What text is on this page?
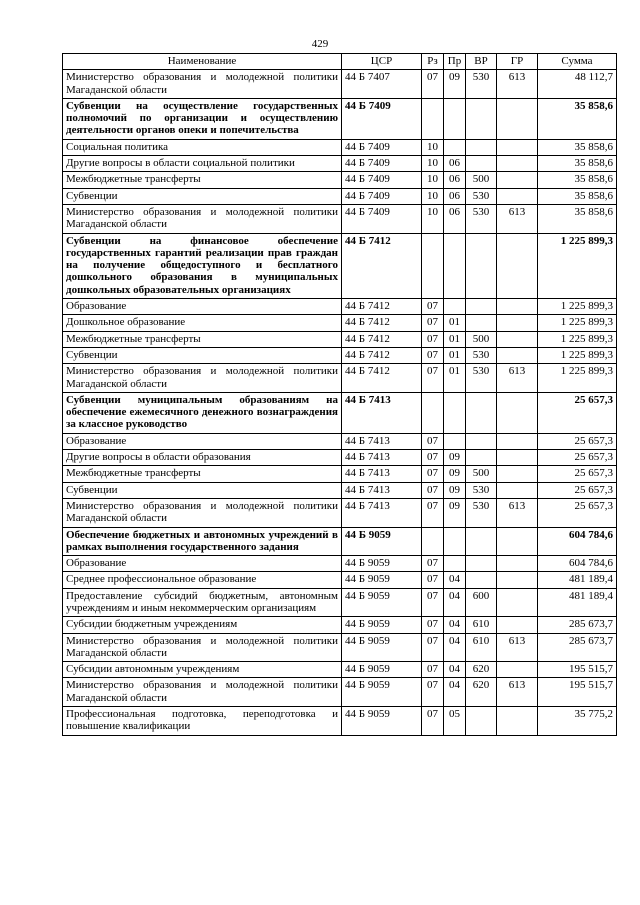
429
Наименование	ЦСР	Рз	Пр	ВР	ГР	Сумма
Министерство образования и молодежной политики Магаданской области	44 Б 7407	07	09	530	613	48 112,7
Субвенции на осуществление государственных полномочий по организации и осуществлению деятельности органов опеки и попечительства	44 Б 7409					35 858,6
Социальная политика	44 Б 7409	10				35 858,6
Другие вопросы в области социальной политики	44 Б 7409	10	06			35 858,6
Межбюджетные трансферты	44 Б 7409	10	06	500		35 858,6
Субвенции	44 Б 7409	10	06	530		35 858,6
Министерство образования и молодежной политики Магаданской области	44 Б 7409	10	06	530	613	35 858,6
Субвенции на финансовое обеспечение государственных гарантий реализации прав граждан на получение общедоступного и бесплатного дошкольного образования в муниципальных дошкольных образовательных организациях	44 Б 7412					1 225 899,3
Образование	44 Б 7412	07				1 225 899,3
Дошкольное образование	44 Б 7412	07	01			1 225 899,3
Межбюджетные трансферты	44 Б 7412	07	01	500		1 225 899,3
Субвенции	44 Б 7412	07	01	530		1 225 899,3
Министерство образования и молодежной политики Магаданской области	44 Б 7412	07	01	530	613	1 225 899,3
Субвенции муниципальным образованиям на обеспечение ежемесячного денежного вознаграждения за классное руководство	44 Б 7413					25 657,3
Образование	44 Б 7413	07				25 657,3
Другие вопросы в области образования	44 Б 7413	07	09			25 657,3
Межбюджетные трансферты	44 Б 7413	07	09	500		25 657,3
Субвенции	44 Б 7413	07	09	530		25 657,3
Министерство образования и молодежной политики Магаданской области	44 Б 7413	07	09	530	613	25 657,3
Обеспечение бюджетных и автономных учреждений в рамках выполнения государственного задания	44 Б 9059					604 784,6
Образование	44 Б 9059	07				604 784,6
Среднее профессиональное образование	44 Б 9059	07	04			481 189,4
Предоставление субсидий бюджетным, автономным учреждениям и иным некоммерческим организациям	44 Б 9059	07	04	600		481 189,4
Субсидии бюджетным учреждениям	44 Б 9059	07	04	610		285 673,7
Министерство образования и молодежной политики Магаданской области	44 Б 9059	07	04	610	613	285 673,7
Субсидии автономным учреждениям	44 Б 9059	07	04	620		195 515,7
Министерство образования и молодежной политики Магаданской области	44 Б 9059	07	04	620	613	195 515,7
Профессиональная подготовка, переподготовка и повышение квалификации	44 Б 9059	07	05			35 775,2
